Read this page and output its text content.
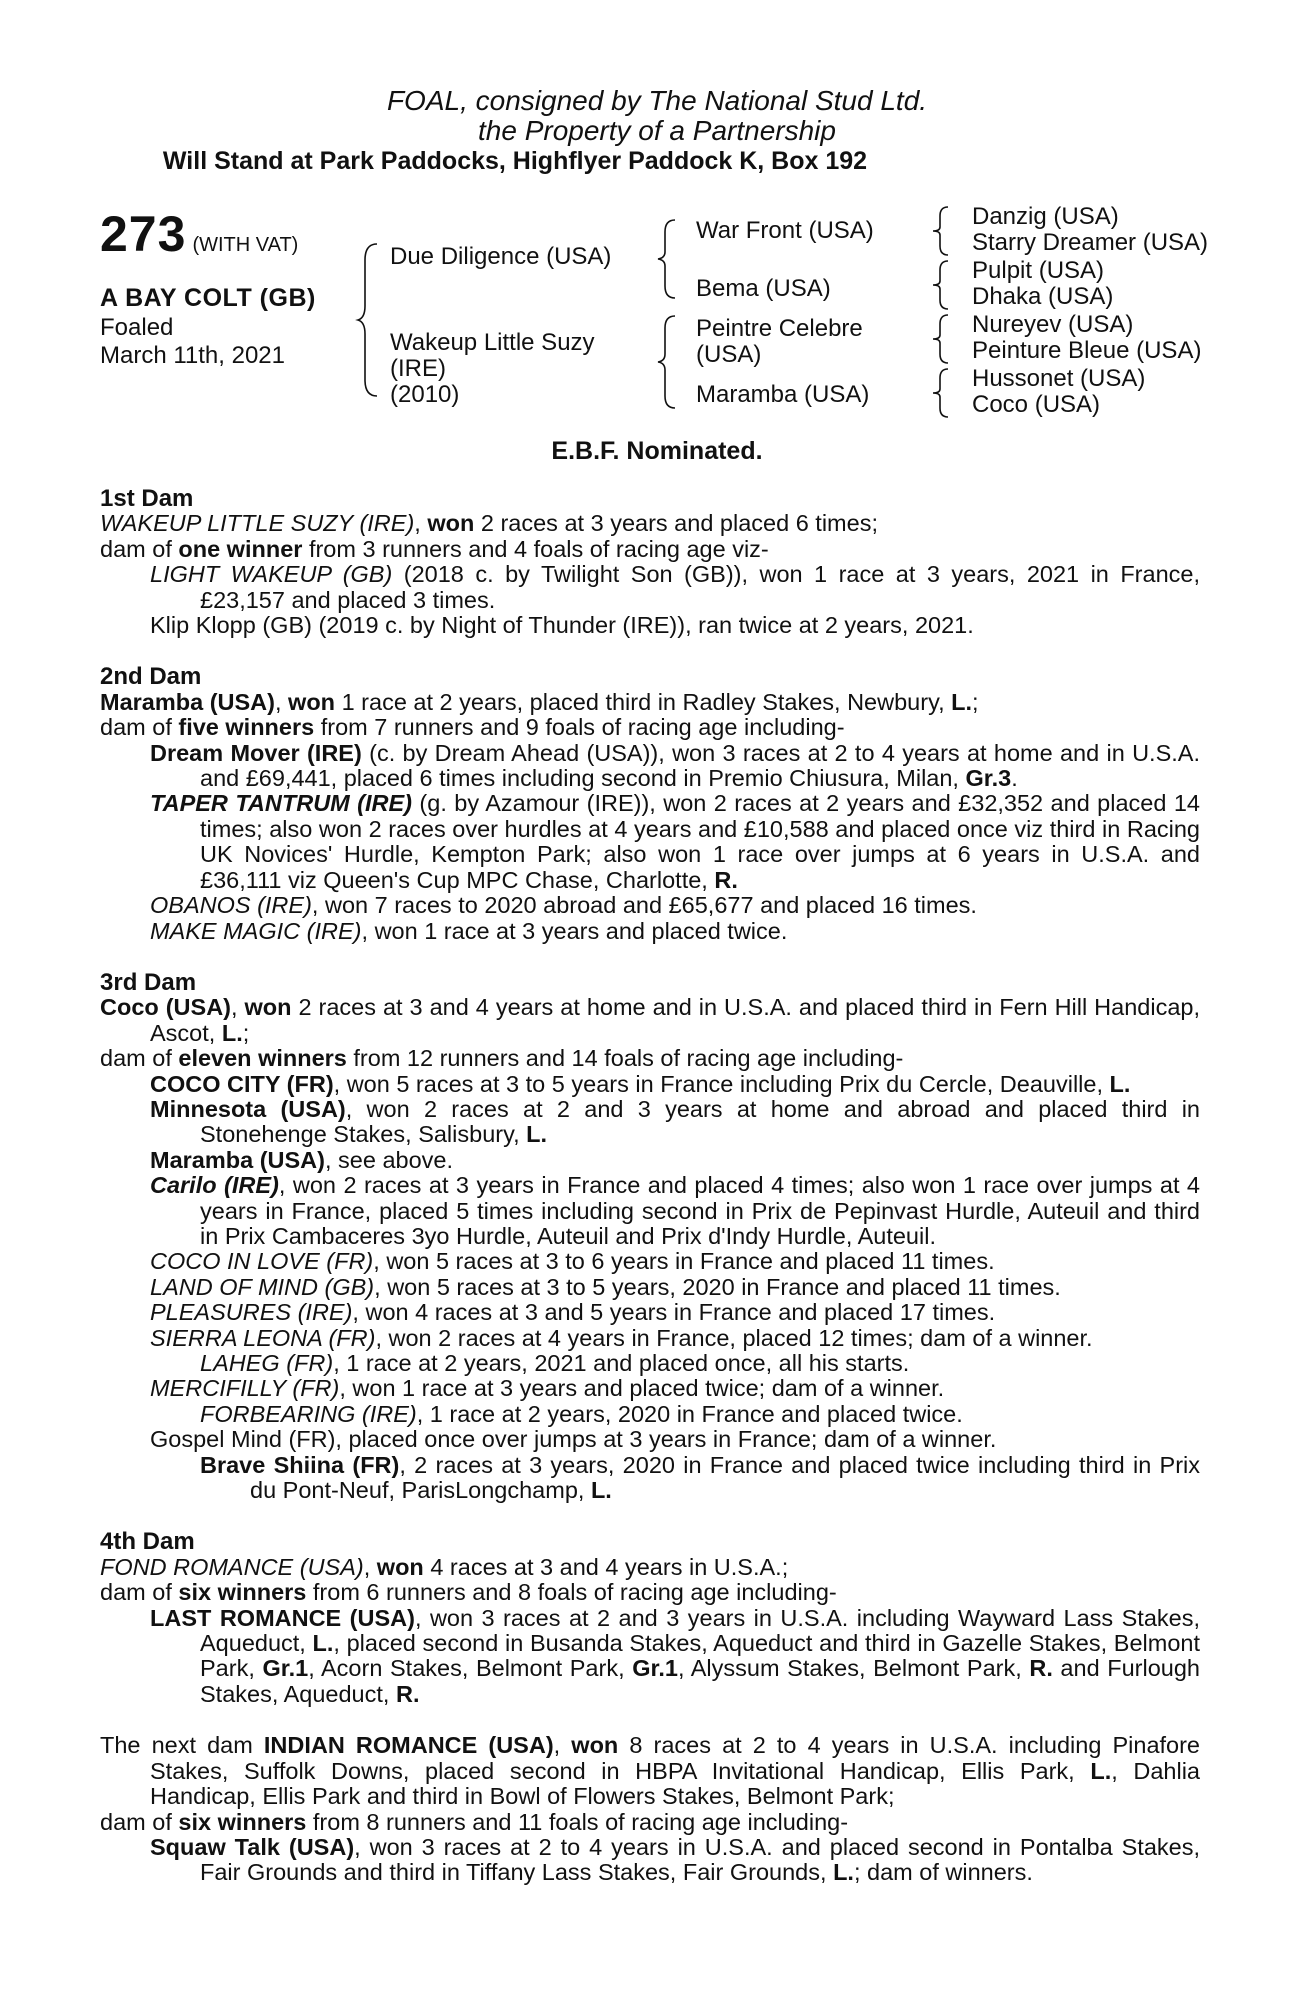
FOAL, consigned by The National Stud Ltd.
the Property of a Partnership
Will Stand at Park Paddocks, Highflyer Paddock K, Box 192
273 (WITH VAT)
A BAY COLT (GB)
Foaled
March 11th, 2021
Due Diligence (USA)
Wakeup Little Suzy
(IRE)
(2010)
War Front (USA)
Bema (USA)
Peintre Celebre
(USA)
Maramba (USA)
Danzig (USA)
Starry Dreamer (USA)
Pulpit (USA)
Dhaka (USA)
Nureyev (USA)
Peinture Bleue (USA)
Hussonet (USA)
Coco (USA)
E.B.F. Nominated.
1st Dam
WAKEUP LITTLE SUZY (IRE), won 2 races at 3 years and placed 6 times;
dam of one winner from 3 runners and 4 foals of racing age viz-
LIGHT WAKEUP (GB) (2018 c. by Twilight Son (GB)), won 1 race at 3 years, 2021 in France, £23,157 and placed 3 times.
Klip Klopp (GB) (2019 c. by Night of Thunder (IRE)), ran twice at 2 years, 2021.
2nd Dam
Maramba (USA), won 1 race at 2 years, placed third in Radley Stakes, Newbury, L.;
dam of five winners from 7 runners and 9 foals of racing age including-
Dream Mover (IRE) (c. by Dream Ahead (USA)), won 3 races at 2 to 4 years at home and in U.S.A. and £69,441, placed 6 times including second in Premio Chiusura, Milan, Gr.3.
TAPER TANTRUM (IRE) (g. by Azamour (IRE)), won 2 races at 2 years and £32,352 and placed 14 times; also won 2 races over hurdles at 4 years and £10,588 and placed once viz third in Racing UK Novices' Hurdle, Kempton Park; also won 1 race over jumps at 6 years in U.S.A. and £36,111 viz Queen's Cup MPC Chase, Charlotte, R.
OBANOS (IRE), won 7 races to 2020 abroad and £65,677 and placed 16 times.
MAKE MAGIC (IRE), won 1 race at 3 years and placed twice.
3rd Dam
Coco (USA), won 2 races at 3 and 4 years at home and in U.S.A. and placed third in Fern Hill Handicap, Ascot, L.;
dam of eleven winners from 12 runners and 14 foals of racing age including-
COCO CITY (FR), won 5 races at 3 to 5 years in France including Prix du Cercle, Deauville, L.
Minnesota (USA), won 2 races at 2 and 3 years at home and abroad and placed third in Stonehenge Stakes, Salisbury, L.
Maramba (USA), see above.
Carilo (IRE), won 2 races at 3 years in France and placed 4 times; also won 1 race over jumps at 4 years in France, placed 5 times including second in Prix de Pepinvast Hurdle, Auteuil and third in Prix Cambaceres 3yo Hurdle, Auteuil and Prix d'Indy Hurdle, Auteuil.
COCO IN LOVE (FR), won 5 races at 3 to 6 years in France and placed 11 times.
LAND OF MIND (GB), won 5 races at 3 to 5 years, 2020 in France and placed 11 times.
PLEASURES (IRE), won 4 races at 3 and 5 years in France and placed 17 times.
SIERRA LEONA (FR), won 2 races at 4 years in France, placed 12 times; dam of a winner.
LAHEG (FR), 1 race at 2 years, 2021 and placed once, all his starts.
MERCIFILLY (FR), won 1 race at 3 years and placed twice; dam of a winner.
FORBEARING (IRE), 1 race at 2 years, 2020 in France and placed twice.
Gospel Mind (FR), placed once over jumps at 3 years in France; dam of a winner.
Brave Shiina (FR), 2 races at 3 years, 2020 in France and placed twice including third in Prix du Pont-Neuf, ParisLongchamp, L.
4th Dam
FOND ROMANCE (USA), won 4 races at 3 and 4 years in U.S.A.;
dam of six winners from 6 runners and 8 foals of racing age including-
LAST ROMANCE (USA), won 3 races at 2 and 3 years in U.S.A. including Wayward Lass Stakes, Aqueduct, L., placed second in Busanda Stakes, Aqueduct and third in Gazelle Stakes, Belmont Park, Gr.1, Acorn Stakes, Belmont Park, Gr.1, Alyssum Stakes, Belmont Park, R. and Furlough Stakes, Aqueduct, R.
The next dam INDIAN ROMANCE (USA), won 8 races at 2 to 4 years in U.S.A. including Pinafore Stakes, Suffolk Downs, placed second in HBPA Invitational Handicap, Ellis Park, L., Dahlia Handicap, Ellis Park and third in Bowl of Flowers Stakes, Belmont Park;
dam of six winners from 8 runners and 11 foals of racing age including-
Squaw Talk (USA), won 3 races at 2 to 4 years in U.S.A. and placed second in Pontalba Stakes, Fair Grounds and third in Tiffany Lass Stakes, Fair Grounds, L.; dam of winners.
